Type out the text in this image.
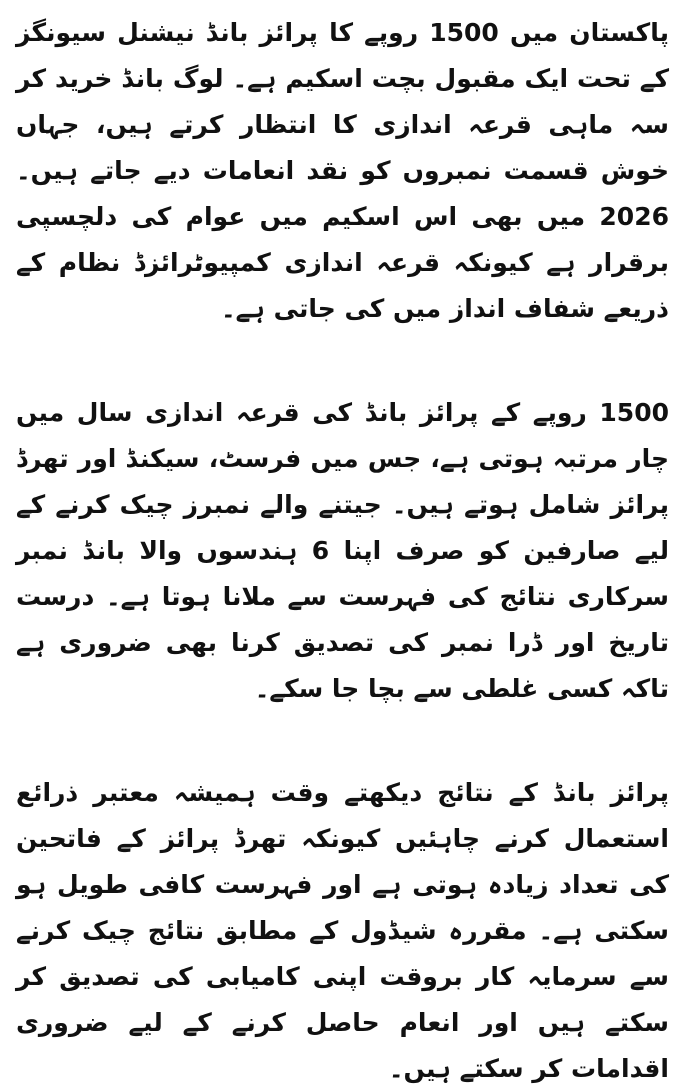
پاکستان میں 1500 روپے کا پرائز بانڈ نیشنل سیونگز کے تحت ایک مقبول بچت اسکیم ہے۔ لوگ بانڈ خرید کر سہ ماہی قرعہ اندازی کا انتظار کرتے ہیں، جہاں خوش قسمت نمبروں کو نقد انعامات دیے جاتے ہیں۔ 2026 میں بھی اس اسکیم میں عوام کی دلچسپی برقرار ہے کیونکہ قرعہ اندازی کمپیوٹرائزڈ نظام کے ذریعے شفاف انداز میں کی جاتی ہے۔

1500 روپے کے پرائز بانڈ کی قرعہ اندازی سال میں چار مرتبہ ہوتی ہے، جس میں فرسٹ، سیکنڈ اور تھرڈ پرائز شامل ہوتے ہیں۔ جیتنے والے نمبرز چیک کرنے کے لیے صارفین کو صرف اپنا 6 ہندسوں والا بانڈ نمبر سرکاری نتائج کی فہرست سے ملانا ہوتا ہے۔ درست تاریخ اور ڈرا نمبر کی تصدیق کرنا بھی ضروری ہے تاکہ کسی غلطی سے بچا جا سکے۔

پرائز بانڈ کے نتائج دیکھتے وقت ہمیشہ معتبر ذرائع استعمال کرنے چاہئیں کیونکہ تھرڈ پرائز کے فاتحین کی تعداد زیادہ ہوتی ہے اور فہرست کافی طویل ہو سکتی ہے۔ مقررہ شیڈول کے مطابق نتائج چیک کرنے سے سرمایہ کار بروقت اپنی کامیابی کی تصدیق کر سکتے ہیں اور انعام حاصل کرنے کے لیے ضروری اقدامات کر سکتے ہیں۔
